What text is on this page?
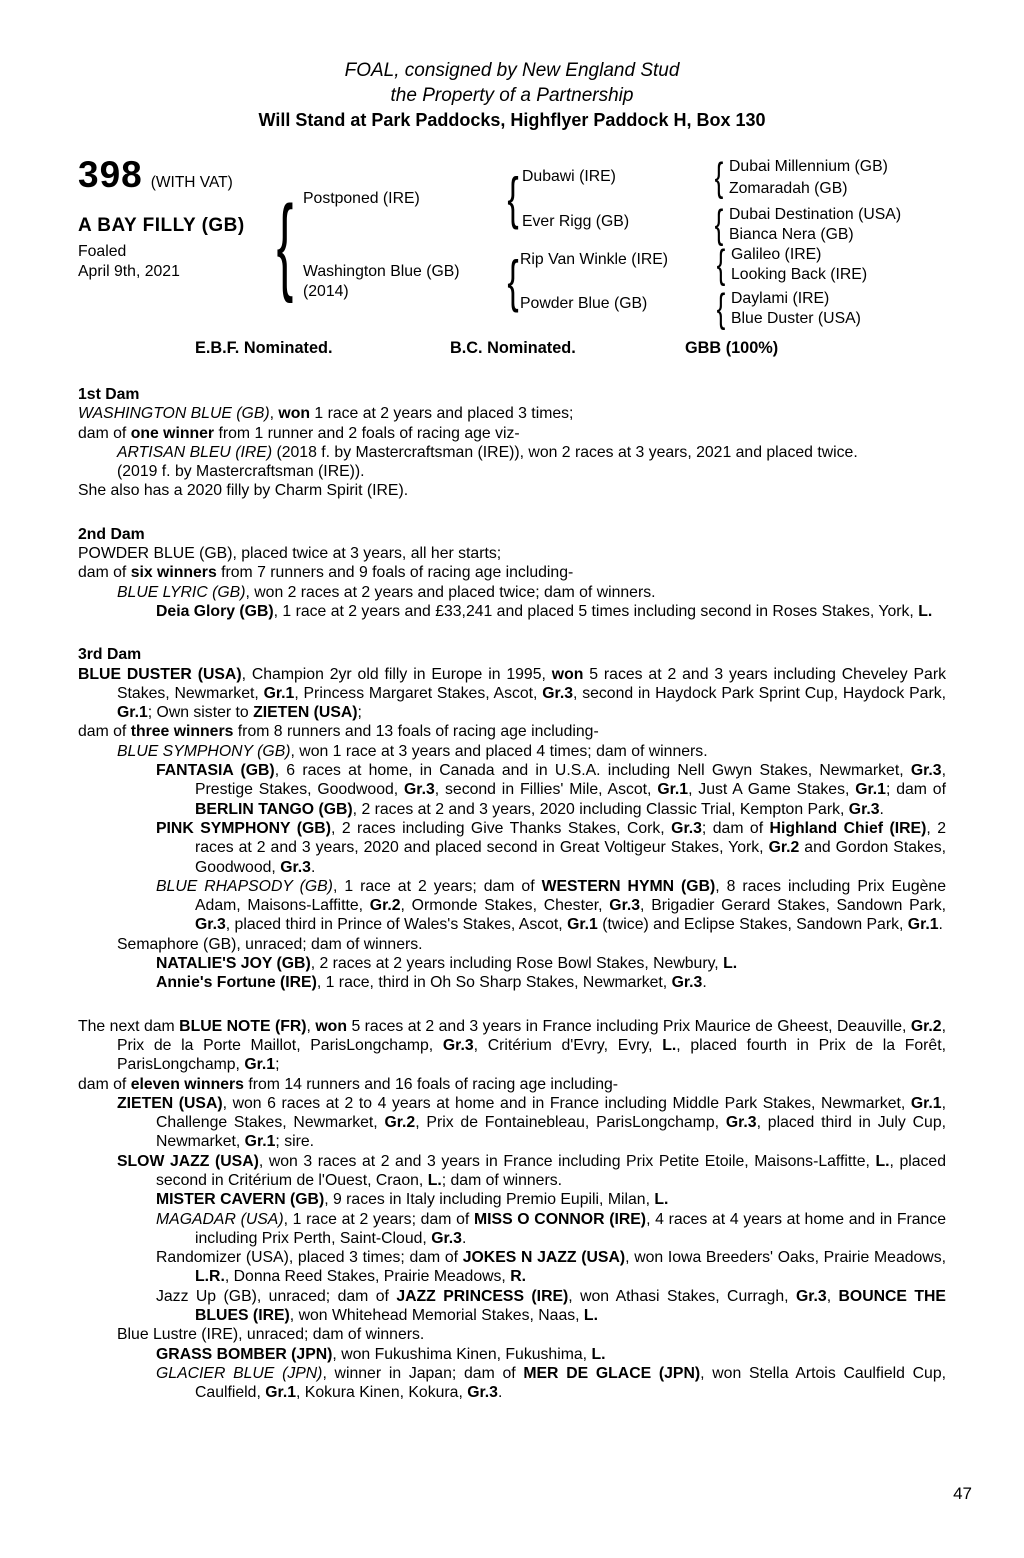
FOAL, consigned by New England Stud
the Property of a Partnership
Will Stand at Park Paddocks, Highflyer Paddock H, Box 130
398 (WITH VAT)
A BAY FILLY (GB)
Foaled
April 9th, 2021 { Postponed (IRE)
Washington Blue (GB)
(2014)
{
{
Dubawi (IRE)
Ever Rigg (GB)
Rip Van Winkle (IRE)
Powder Blue (GB)
{
{
{
{
Dubai Millennium (GB)
Zomaradah (GB)
Dubai Destination (USA)
Bianca Nera (GB)
Galileo (IRE)
Looking Back (IRE)
Daylami (IRE)
Blue Duster (USA)
E.B.F. Nominated.	B.C. Nominated.	GBB (100%)
1st Dam

WASHINGTON BLUE (GB), won 1 race at 2 years and placed 3 times;

dam of one winner from 1 runner and 2 foals of racing age viz-

ARTISAN BLEU (IRE) (2018 f. by Mastercraftsman (IRE)), won 2 races at 3 years, 2021 and placed twice.

(2019 f. by Mastercraftsman (IRE)).

She also has a 2020 filly by Charm Spirit (IRE).

2nd Dam

POWDER BLUE (GB), placed twice at 3 years, all her starts;

dam of six winners from 7 runners and 9 foals of racing age including-

BLUE LYRIC (GB), won 2 races at 2 years and placed twice; dam of winners.

Deia Glory (GB), 1 race at 2 years and £33,241 and placed 5 times including second in Roses Stakes, York, L.

3rd Dam

BLUE DUSTER (USA), Champion 2yr old filly in Europe in 1995, won 5 races at 2 and 3 years including Cheveley Park Stakes, Newmarket, Gr.1, Princess Margaret Stakes, Ascot, Gr.3, second in Haydock Park Sprint Cup, Haydock Park, Gr.1; Own sister to ZIETEN (USA);

dam of three winners from 8 runners and 13 foals of racing age including-

BLUE SYMPHONY (GB), won 1 race at 3 years and placed 4 times; dam of winners.

FANTASIA (GB), 6 races at home, in Canada and in U.S.A. including Nell Gwyn Stakes, Newmarket, Gr.3, Prestige Stakes, Goodwood, Gr.3, second in Fillies' Mile, Ascot, Gr.1, Just A Game Stakes, Gr.1; dam of BERLIN TANGO (GB), 2 races at 2 and 3 years, 2020 including Classic Trial, Kempton Park, Gr.3.

PINK SYMPHONY (GB), 2 races including Give Thanks Stakes, Cork, Gr.3; dam of Highland Chief (IRE), 2 races at 2 and 3 years, 2020 and placed second in Great Voltigeur Stakes, York, Gr.2 and Gordon Stakes, Goodwood, Gr.3.

BLUE RHAPSODY (GB), 1 race at 2 years; dam of WESTERN HYMN (GB), 8 races including Prix Eugène Adam, Maisons-Laffitte, Gr.2, Ormonde Stakes, Chester, Gr.3, Brigadier Gerard Stakes, Sandown Park, Gr.3, placed third in Prince of Wales's Stakes, Ascot, Gr.1 (twice) and Eclipse Stakes, Sandown Park, Gr.1.

Semaphore (GB), unraced; dam of winners.

NATALIE'S JOY (GB), 2 races at 2 years including Rose Bowl Stakes, Newbury, L.

Annie's Fortune (IRE), 1 race, third in Oh So Sharp Stakes, Newmarket, Gr.3.

The next dam BLUE NOTE (FR), won 5 races at 2 and 3 years in France including Prix Maurice de Gheest, Deauville, Gr.2, Prix de la Porte Maillot, ParisLongchamp, Gr.3, Critérium d'Evry, Evry, L., placed fourth in Prix de la Forêt, ParisLongchamp, Gr.1;

dam of eleven winners from 14 runners and 16 foals of racing age including-

ZIETEN (USA), won 6 races at 2 to 4 years at home and in France including Middle Park Stakes, Newmarket, Gr.1, Challenge Stakes, Newmarket, Gr.2, Prix de Fontainebleau, ParisLongchamp, Gr.3, placed third in July Cup, Newmarket, Gr.1; sire.

SLOW JAZZ (USA), won 3 races at 2 and 3 years in France including Prix Petite Etoile, Maisons-Laffitte, L., placed second in Critérium de l'Ouest, Craon, L.; dam of winners.

MISTER CAVERN (GB), 9 races in Italy including Premio Eupili, Milan, L.

MAGADAR (USA), 1 race at 2 years; dam of MISS O CONNOR (IRE), 4 races at 4 years at home and in France including Prix Perth, Saint-Cloud, Gr.3.

Randomizer (USA), placed 3 times; dam of JOKES N JAZZ (USA), won Iowa Breeders' Oaks, Prairie Meadows, L.R., Donna Reed Stakes, Prairie Meadows, R.

Jazz Up (GB), unraced; dam of JAZZ PRINCESS (IRE), won Athasi Stakes, Curragh, Gr.3, BOUNCE THE BLUES (IRE), won Whitehead Memorial Stakes, Naas, L.

Blue Lustre (IRE), unraced; dam of winners.

GRASS BOMBER (JPN), won Fukushima Kinen, Fukushima, L.

GLACIER BLUE (JPN), winner in Japan; dam of MER DE GLACE (JPN), won Stella Artois Caulfield Cup, Caulfield, Gr.1, Kokura Kinen, Kokura, Gr.3.

47
